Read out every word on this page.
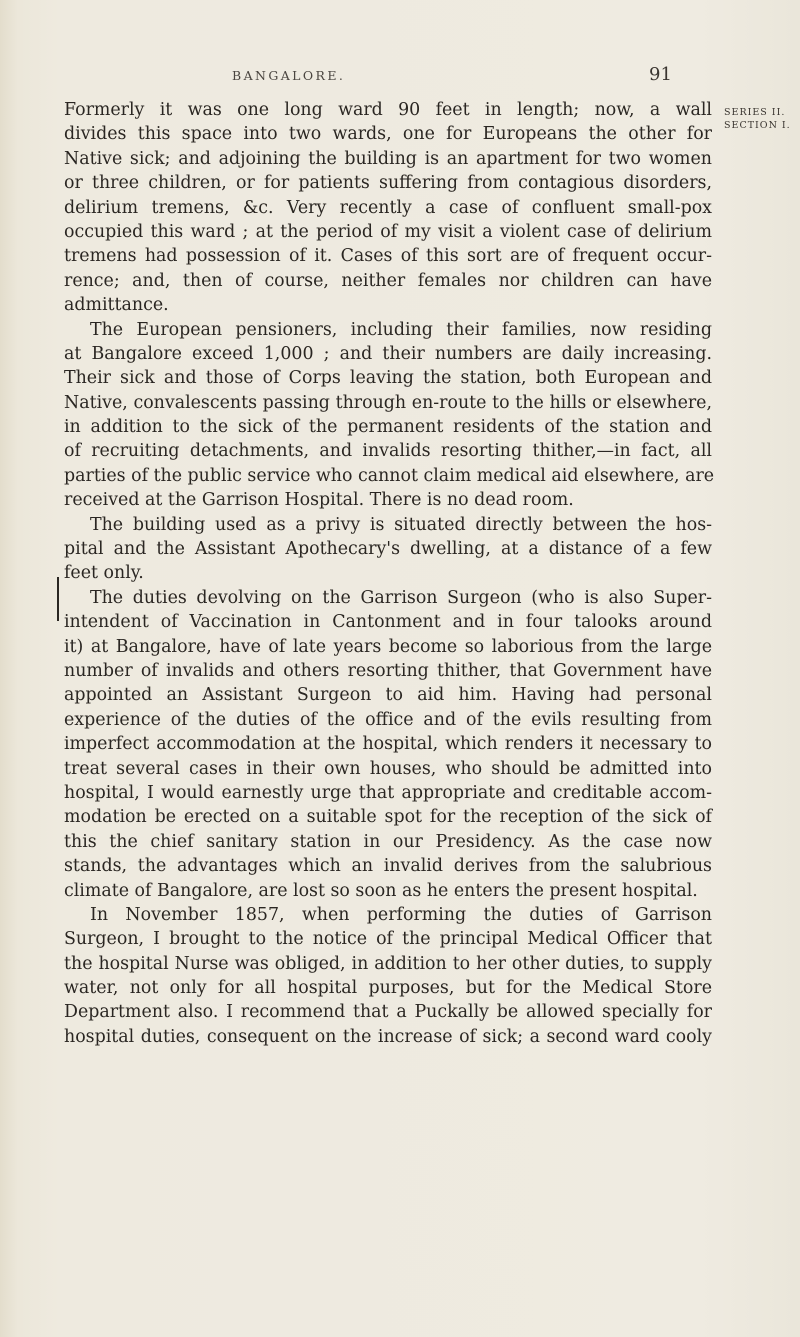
BANGALORE.	91
SERIES II.
SECTION I.
Formerly it was one long ward 90 feet in length; now, a wall
divides this space into two wards, one for Europeans the other for
Native sick; and adjoining the building is an apartment for two women
or three children, or for patients suffering from contagious disorders,
delirium tremens, &c. Very recently a case of confluent small-pox
occupied this ward ; at the period of my visit a violent case of delirium
tremens had possession of it. Cases of this sort are of frequent occur-
rence; and, then of course, neither females nor children can have
admittance.
The European pensioners, including their families, now residing
at Bangalore exceed 1,000 ; and their numbers are daily increasing.
Their sick and those of Corps leaving the station, both European and
Native, convalescents passing through en-route to the hills or elsewhere,
in addition to the sick of the permanent residents of the station and
of recruiting detachments, and invalids resorting thither,—in fact, all
parties of the public service who cannot claim medical aid elsewhere, are
received at the Garrison Hospital. There is no dead room.
The building used as a privy is situated directly between the hos-
pital and the Assistant Apothecary's dwelling, at a distance of a few
feet only.
The duties devolving on the Garrison Surgeon (who is also Super-
intendent of Vaccination in Cantonment and in four talooks around
it) at Bangalore, have of late years become so laborious from the large
number of invalids and others resorting thither, that Government have
appointed an Assistant Surgeon to aid him. Having had personal
experience of the duties of the office and of the evils resulting from
imperfect accommodation at the hospital, which renders it necessary to
treat several cases in their own houses, who should be admitted into
hospital, I would earnestly urge that appropriate and creditable accom-
modation be erected on a suitable spot for the reception of the sick of
this the chief sanitary station in our Presidency. As the case now
stands, the advantages which an invalid derives from the salubrious
climate of Bangalore, are lost so soon as he enters the present hospital.
In November 1857, when performing the duties of Garrison
Surgeon, I brought to the notice of the principal Medical Officer that
the hospital Nurse was obliged, in addition to her other duties, to supply
water, not only for all hospital purposes, but for the Medical Store
Department also. I recommend that a Puckally be allowed specially for
hospital duties, consequent on the increase of sick; a second ward cooly
